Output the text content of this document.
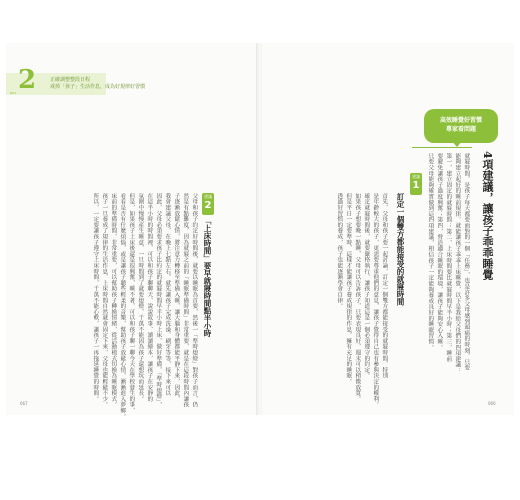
Part 2	正確調整整段日程
戒掉「孩子」生活作息，成為好規律好習慣
建議
2
「上床時間」要早就寢時間點半小時
父母和孩子約定好時間後，就要以睡眠為首要，然後一「準時熄燈」對孩子而言，仍
然是有點難度，因為就寢之前的「睡眠準備時間」非常重要，就是在這段時間內讓孩
子逐漸放鬆心情，將注意力轉移至準備入睡，讓大腦和身體都能平靜下來，因此，
我會建議父母，在晚上七點左右，就先讓孩子完成洗澡、刷牙等等，接下來可以
因此，父母必須要求孩子比約定的就寢時間早半小時上床，做好準備，「準時熄燈」，
在這半小時的時間裡，可以和孩子聊聊天、說說故事、讀讀繪本，讓孩子在安靜的
氛圍中慢慢產生睡意，一旦時間到了就要熄燈，千萬不能因為孩子還想玩而延長。
但是，如果孩子上床後還是很興奮，睡不著，可以和孩子聊一聊今天在學校發生的事，
看看是否有什麼煩惱，或是讓孩子聽些輕柔的音樂，幫助孩子放鬆心情，漸漸進入夢鄉。
床前的準備時間，非常重要，可以幫助孩子轉換情緒，從活動模式切換為睡眠模式。
孩子一旦養成了規律的生活作息，上床時間自然就會固定下來，父母也能輕鬆不少。
所以，一定要讓孩子遵守上床時間，千萬不能心軟，讓孩子一再拖延睡覺的時間。
067
高效睡覺好習慣
專家看問題
4項建議，讓孩子乖乖睡覺
就寢時間，是孩子每天都要面對的一個「任務」，也是許多父母感到頭痛的時刻，只要
能夠建立起好的睡前規律，就能讓孩子乖乖上床睡覺，以下是我給父母們的四項建議：
第一，建立固定的就寢時間；第二，上床時間要比就寢時間早半小時；第三，睡前
要避免讓孩子過度興奮；第四，營造適合睡眠的環境，讓孩子能夠安心入睡。
只要父母能夠確實做到這四項建議，相信孩子一定能夠養成良好的睡眠習慣。
建議
1
訂定一個雙方都能接受的就寢時間
首先，父母和孩子要一起討論，訂定一個雙方都能接受的就寢時間，特別
是年齡較大的孩子，更需要尊重他們的意見，讓孩子覺得自己也有參與決定的權利。
確定就寢時間後，就要嚴格執行，讓孩子知道這是一個必須遵守的約定。
如果孩子想要晚一點睡，父母可以告訴孩子，只要表現良好，週末可以稍微放寬。
但是平日一定要準時，這樣才能讓孩子養成規律的作息，擁有充足的睡眠。
透過好習慣的養成，孩子也能逐漸學會自律。
066
